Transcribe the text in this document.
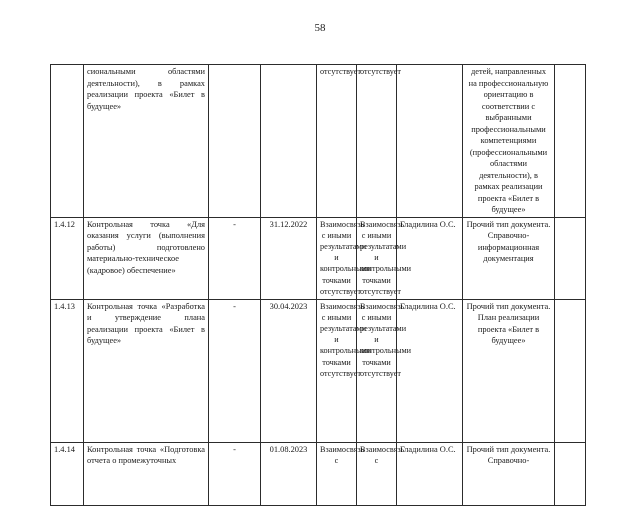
58
	сиональными областями деятельности), в рамках реализации проекта «Билет в будущее»			отсутствует	отсутствует		детей, направленных на профессиональную ориентацию в соответствии с выбранными профессиональными компетенциями (профессиональными областями деятельности), в рамках реализации проекта «Билет в будущее»	
1.4.12	Контрольная точка «Для оказания услуги (выполнения работы) подготовлено материально-техническое (кадровое) обеспечение»	-	31.12.2022	Взаимосвязь с иными результатами и контрольными точками отсутствует	Взаимосвязь с иными результатами и контрольными точками отсутствует	Гладилина О.С.	Прочий тип документа. Справочно-информационная документация	
1.4.13	Контрольная точка «Разработка и утверждение плана реализации проекта «Билет в будущее»	-	30.04.2023	Взаимосвязь с иными результатами и контрольными точками отсутствует	Взаимосвязь с иными результатами и контрольными точками отсутствует	Гладилина О.С.	Прочий тип документа. План реализации проекта «Билет в будущее»	
1.4.14	Контрольная точка «Подготовка отчета о промежуточных	-	01.08.2023	Взаимосвязь с	Взаимосвязь с	Гладилина О.С.	Прочий тип документа. Справочно-	
